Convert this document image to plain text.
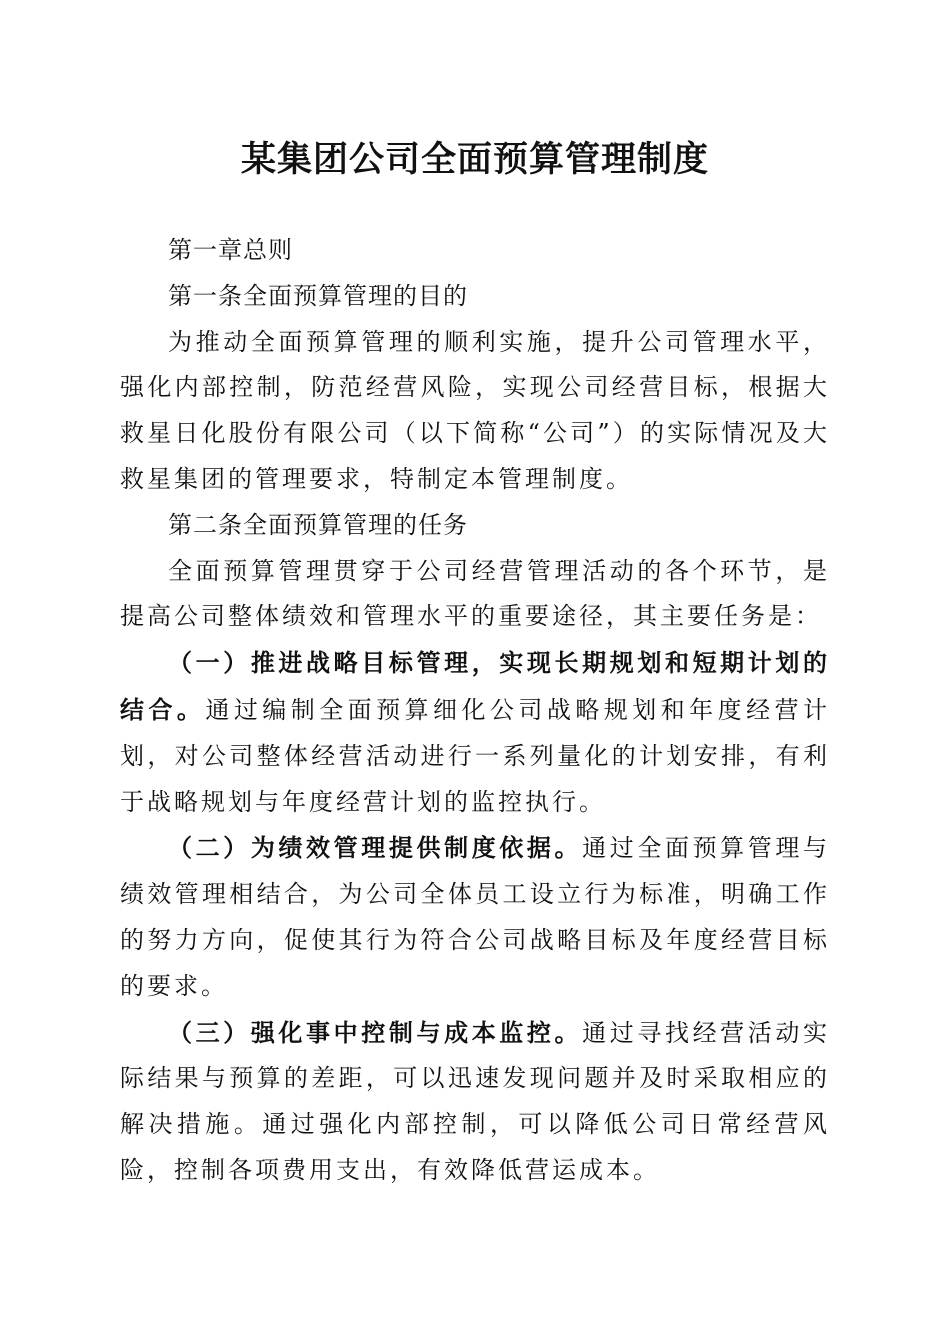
某集团公司全面预算管理制度

第一章总则

第一条全面预算管理的目的

为推动全面预算管理的顺利实施，提升公司管理水平，强化内部控制，防范经营风险，实现公司经营目标，根据大救星日化股份有限公司（以下简称“公司”）的实际情况及大救星集团的管理要求，特制定本管理制度。

第二条全面预算管理的任务

全面预算管理贯穿于公司经营管理活动的各个环节，是提高公司整体绩效和管理水平的重要途径，其主要任务是：

（一）推进战略目标管理，实现长期规划和短期计划的结合。通过编制全面预算细化公司战略规划和年度经营计划，对公司整体经营活动进行一系列量化的计划安排，有利于战略规划与年度经营计划的监控执行。

（二）为绩效管理提供制度依据。通过全面预算管理与绩效管理相结合，为公司全体员工设立行为标准，明确工作的努力方向，促使其行为符合公司战略目标及年度经营目标的要求。

（三）强化事中控制与成本监控。通过寻找经营活动实际结果与预算的差距，可以迅速发现问题并及时采取相应的解决措施。通过强化内部控制，可以降低公司日常经营风险，控制各项费用支出，有效降低营运成本。
